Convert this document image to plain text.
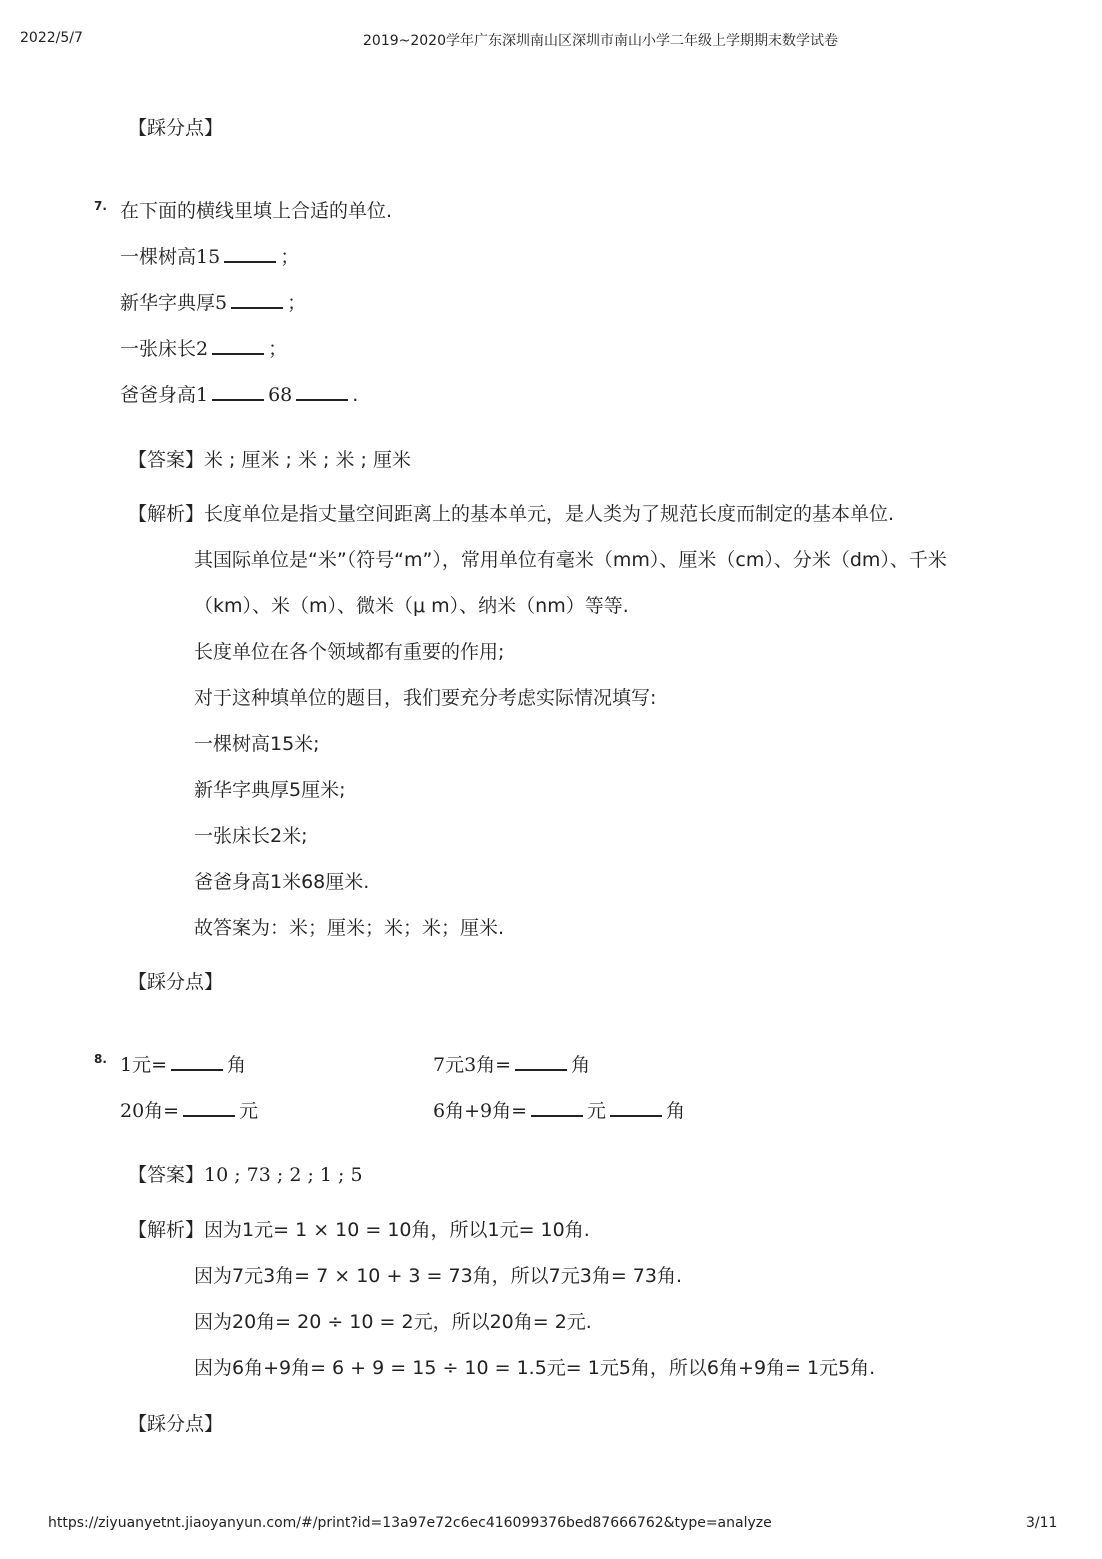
2022/5/7	2019~2020学年广东深圳南山区深圳市南山小学二年级上学期期末数学试卷
【踩分点】
7. 在下面的横线里填上合适的单位.
一棵树高15	；
新华字典厚5	；
一张床长2	；
爸爸身高1	68	.
【答案】米 ; 厘米 ; 米 ; 米 ; 厘米
【解析】长度单位是指丈量空间距离上的基本单元，是人类为了规范长度而制定的基本单位.
其国际单位是“米”（符号“m”），常用单位有毫米（mm）、厘米（cm）、分米（dm）、千米
（km）、米（m）、微米（μ m）、纳米（nm）等等.
长度单位在各个领域都有重要的作用;
对于这种填单位的题目，我们要充分考虑实际情况填写:
一棵树高15米;
新华字典厚5厘米;
一张床长2米;
爸爸身高1米68厘米.
故答案为：米；厘米；米；米；厘米.
【踩分点】
8. 1元=	角	7元3角=	角
20角=	元	6角+9角=	元	角
【答案】10 ; 73 ; 2 ; 1 ; 5
【解析】因为1元= 1 × 10 = 10角，所以1元= 10角.
因为7元3角= 7 × 10 + 3 = 73角，所以7元3角= 73角.
因为20角= 20 ÷ 10 = 2元，所以20角= 2元.
因为6角+9角= 6 + 9 = 15 ÷ 10 = 1.5元= 1元5角，所以6角+9角= 1元5角.
【踩分点】
https://ziyuanyetnt.jiaoyanyun.com/#/print?id=13a97e72c6ec416099376bed87666762&type=analyze	3/11
